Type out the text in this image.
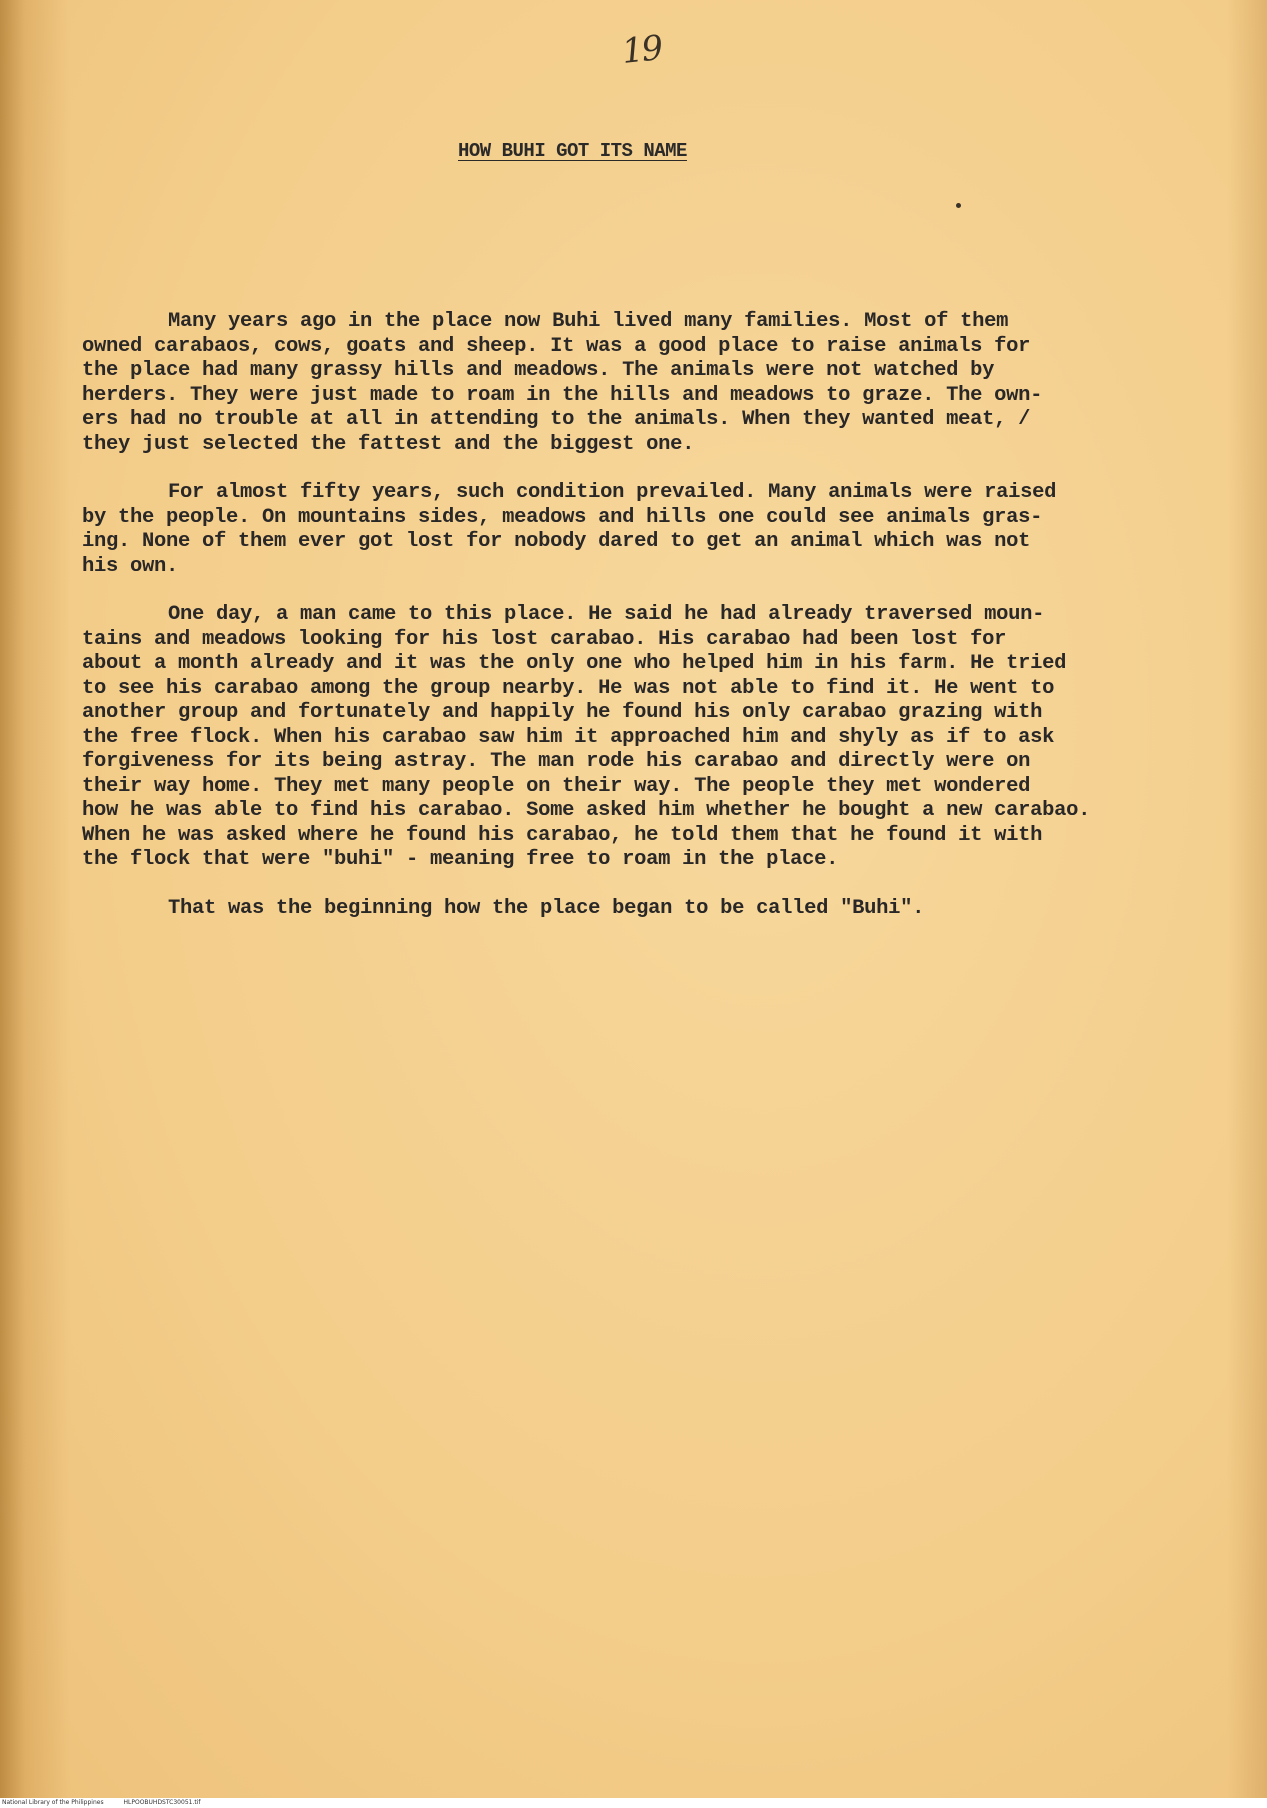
19
HOW BUHI GOT ITS NAME
Many years ago in the place now Buhi lived many families. Most of them
owned carabaos, cows, goats and sheep. It was a good place to raise animals for
the place had many grassy hills and meadows. The animals were not watched by
herders. They were just made to roam in the hills and meadows to graze. The own-
ers had no trouble at all in attending to the animals. When they wanted meat, /
they just selected the fattest and the biggest one.
For almost fifty years, such condition prevailed. Many animals were raised
by the people. On mountains sides, meadows and hills one could see animals gras-
ing. None of them ever got lost for nobody dared to get an animal which was not
his own.
One day, a man came to this place. He said he had already traversed moun-
tains and meadows looking for his lost carabao. His carabao had been lost for
about a month already and it was the only one who helped him in his farm. He tried
to see his carabao among the group nearby. He was not able to find it. He went to
another group and fortunately and happily he found his only carabao grazing with
the free flock. When his carabao saw him it approached him and shyly as if to ask
forgiveness for its being astray. The man rode his carabao and directly were on
their way home. They met many people on their way. The people they met wondered
how he was able to find his carabao. Some asked him whether he bought a new carabao.
When he was asked where he found his carabao, he told them that he found it with
the flock that were "buhi" - meaning free to roam in the place.
That was the beginning how the place began to be called "Buhi".
National Library of the Philippines	HLPOOBUHDSTC30051.tif
